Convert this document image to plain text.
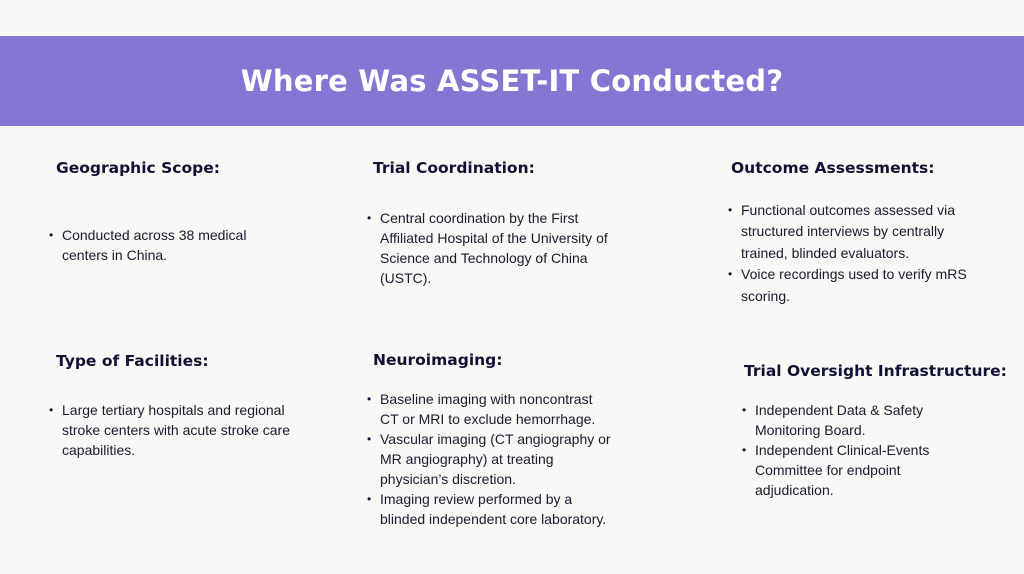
Where Was ASSET-IT Conducted?
Geographic Scope:
• Conducted across 38 medical centers in China.
Trial Coordination:
• Central coordination by the First Affiliated Hospital of the University of Science and Technology of China (USTC).
Outcome Assessments:
• Functional outcomes assessed via structured interviews by centrally trained, blinded evaluators.
• Voice recordings used to verify mRS scoring.
Type of Facilities:
• Large tertiary hospitals and regional stroke centers with acute stroke care capabilities.
Neuroimaging:
• Baseline imaging with noncontrast CT or MRI to exclude hemorrhage.
• Vascular imaging (CT angiography or MR angiography) at treating physician’s discretion.
• Imaging review performed by a blinded independent core laboratory.
Trial Oversight Infrastructure:
• Independent Data & Safety Monitoring Board.
• Independent Clinical-Events Committee for endpoint adjudication.
